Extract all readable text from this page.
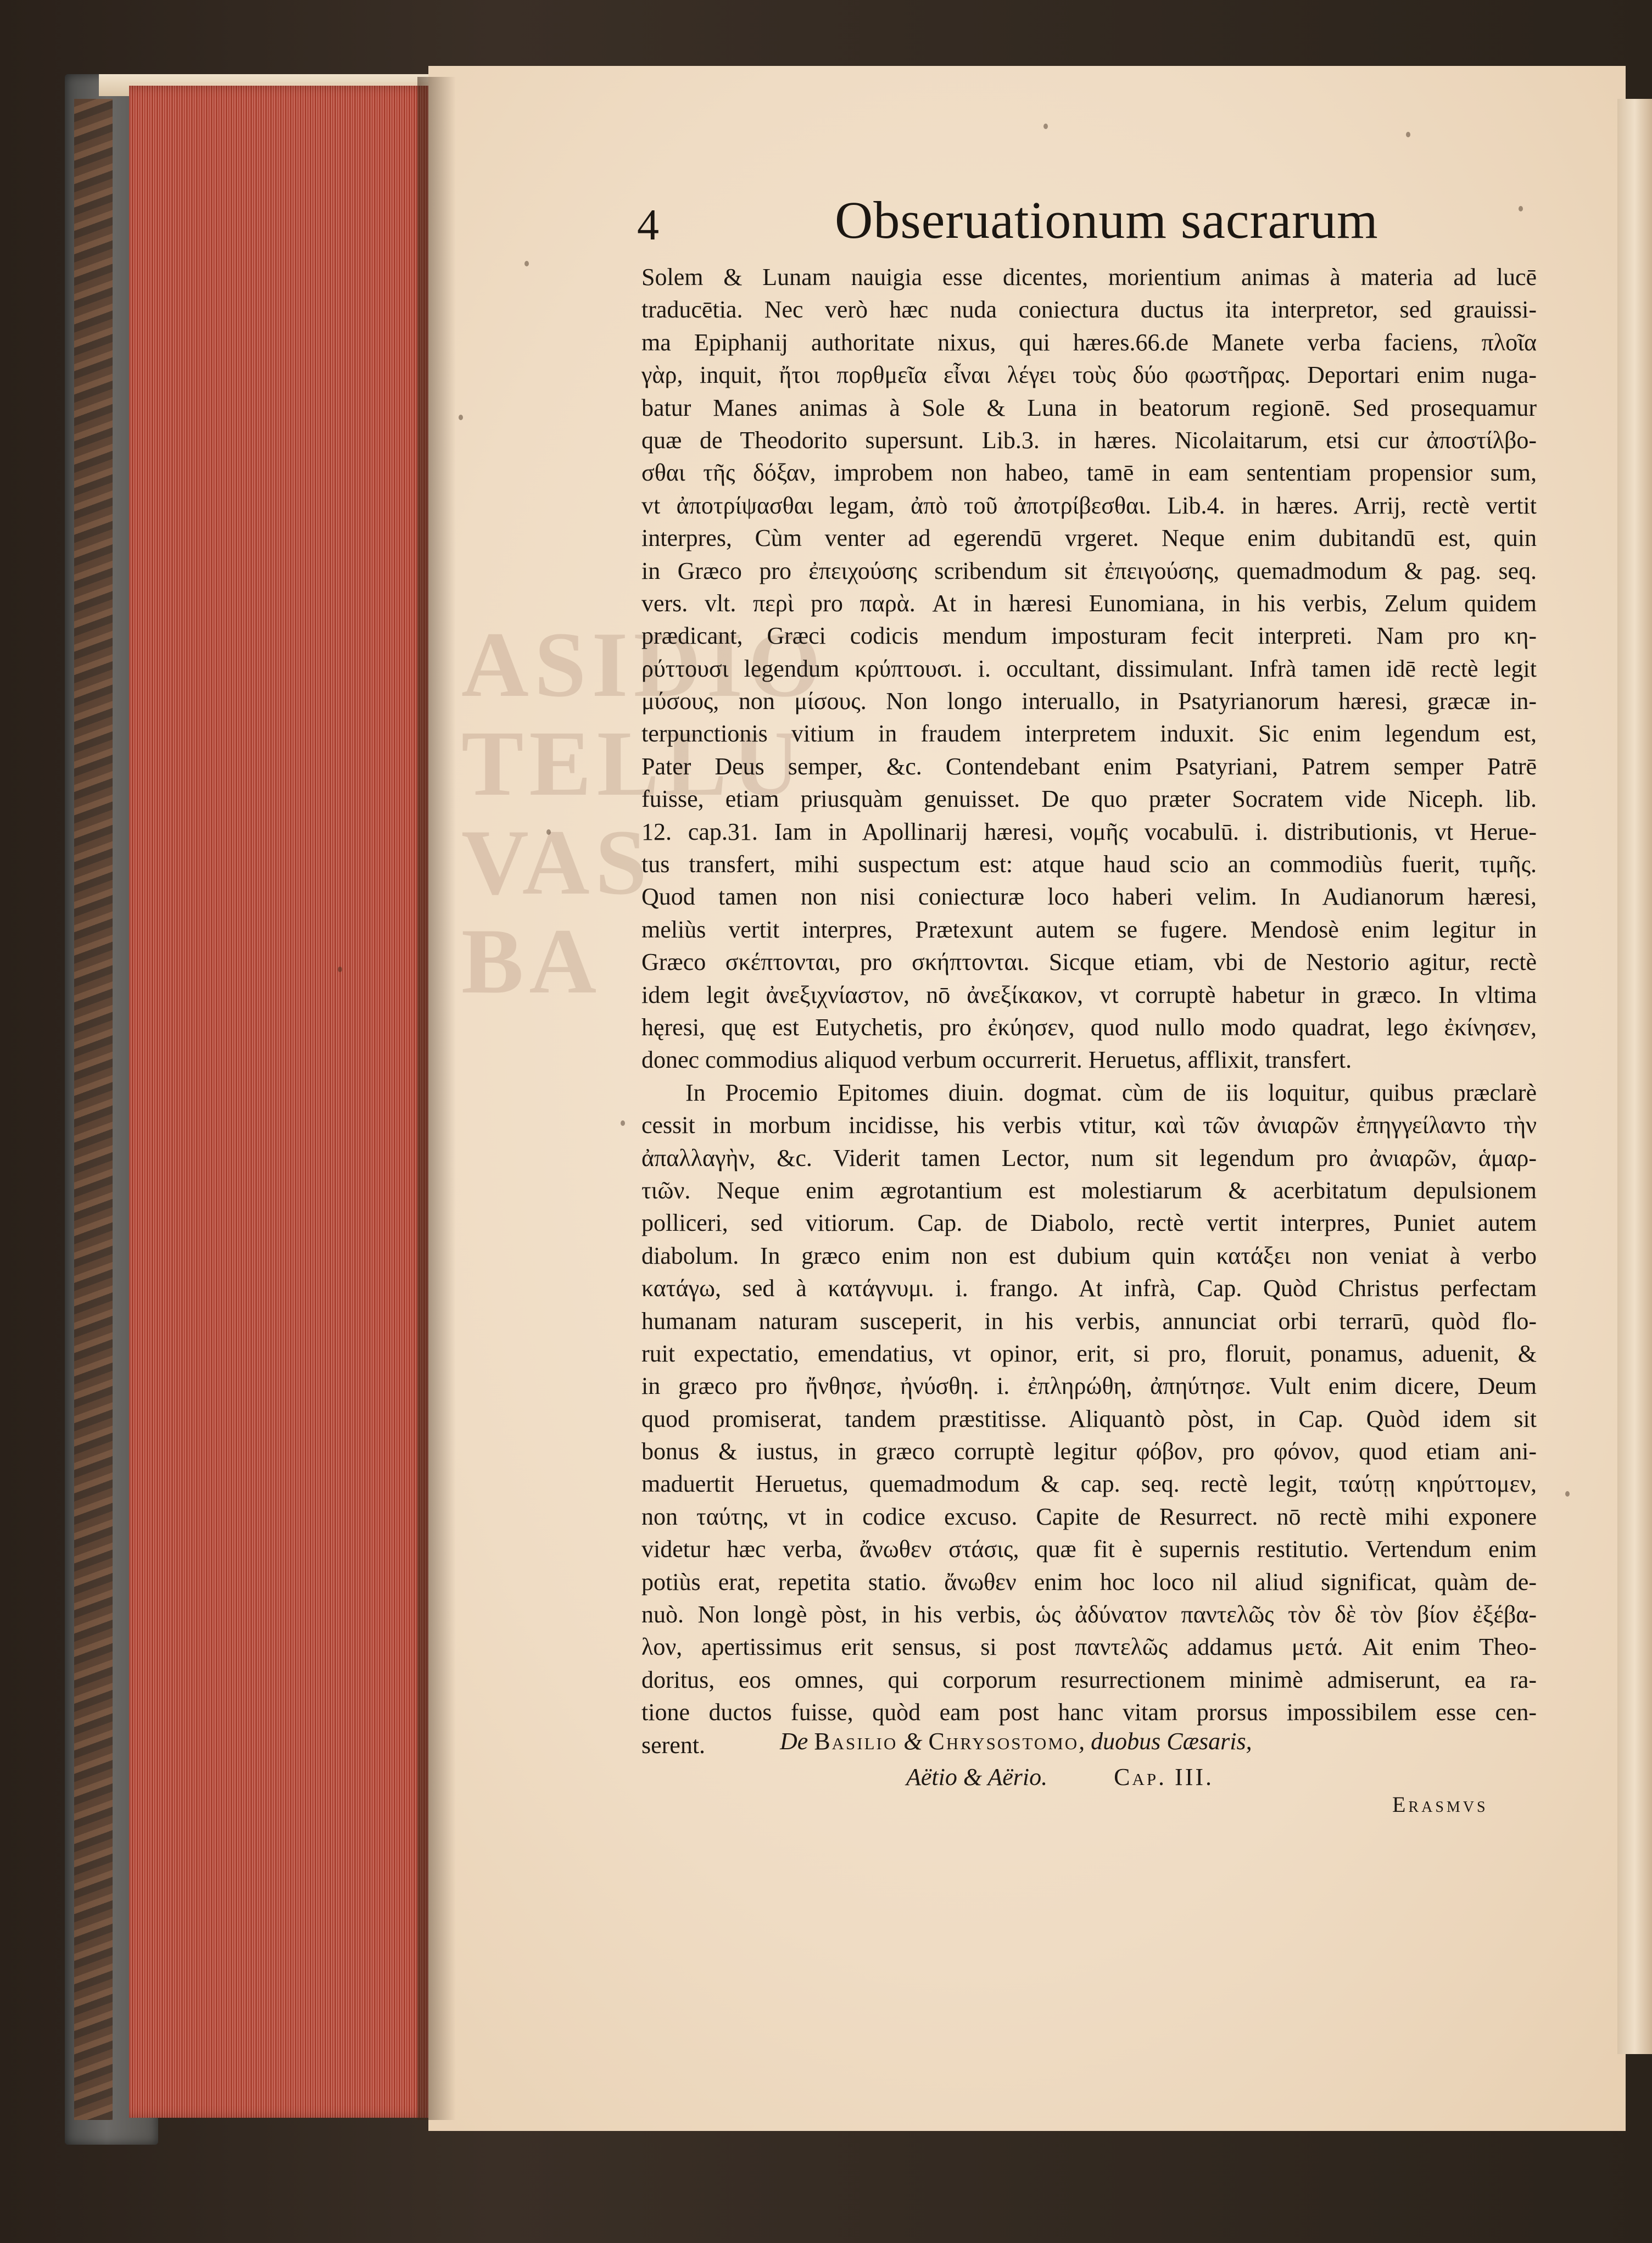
ASIDIO TELLU VAS BA
4	Obseruationum sacrarum
Solem & Lunam nauigia esse dicentes, morientium animas à materia ad lucē
traducētia. Nec verò hæc nuda coniectura ductus ita interpretor, sed grauissi-
ma Epiphanij authoritate nixus, qui hæres.66.de Manete verba faciens, πλοῖα
γὰρ, inquit, ἤτοι πορθμεῖα εἶναι λέγει τοὺς δύο φωστῆρας. Deportari enim nuga-
batur Manes animas à Sole & Luna in beatorum regionē. Sed prosequamur
quæ de Theodorito supersunt. Lib.3. in hæres. Nicolaitarum, etsi cur ἀποστίλβο-
σθαι τῆς δόξαν, improbem non habeo, tamē in eam sententiam propensior sum,
vt ἀποτρίψασθαι legam, ἀπὸ τοῦ ἀποτρίβεσθαι. Lib.4. in hæres. Arrij, rectè vertit
interpres, Cùm venter ad egerendū vrgeret. Neque enim dubitandū est, quin
in Græco pro ἐπειχούσης scribendum sit ἐπειγούσης, quemadmodum & pag. seq.
vers. vlt. περὶ pro παρὰ. At in hæresi Eunomiana, in his verbis, Zelum quidem
prædicant, Græci codicis mendum imposturam fecit interpreti. Nam pro κη-
ρύττουσι legendum κρύπτουσι. i. occultant, dissimulant. Infrà tamen idē rectè legit
μύσους, non μίσους. Non longo interuallo, in Psatyrianorum hæresi, græcæ in-
terpunctionis vitium in fraudem interpretem induxit. Sic enim legendum est,
Pater Deus semper, &c. Contendebant enim Psatyriani, Patrem semper Patrē
fuisse, etiam priusquàm genuisset. De quo præter Socratem vide Niceph. lib.
12. cap.31. Iam in Apollinarij hæresi, νομῆς vocabulū. i. distributionis, vt Herue-
tus transfert, mihi suspectum est: atque haud scio an commodiùs fuerit, τιμῆς.
Quod tamen non nisi coniecturæ loco haberi velim. In Audianorum hæresi,
meliùs vertit interpres, Prætexunt autem se fugere. Mendosè enim legitur in
Græco σκέπτονται, pro σκήπτονται. Sicque etiam, vbi de Nestorio agitur, rectè
idem legit ἀνεξιχνίαστον, nō ἀνεξίκακον, vt corruptè habetur in græco. In vltima
hęresi, quę est Eutychetis, pro ἐκύησεν, quod nullo modo quadrat, lego ἐκίνησεν,
donec commodius aliquod verbum occurrerit. Heruetus, afflixit, transfert.
In Procemio Epitomes diuin. dogmat. cùm de iis loquitur, quibus præclarè
cessit in morbum incidisse, his verbis vtitur, καὶ τῶν ἀνιαρῶν ἐπηγγείλαντο τὴν
ἀπαλλαγὴν, &c. Viderit tamen Lector, num sit legendum pro ἀνιαρῶν, ἁμαρ-
τιῶν. Neque enim ægrotantium est molestiarum & acerbitatum depulsionem
polliceri, sed vitiorum. Cap. de Diabolo, rectè vertit interpres, Puniet autem
diabolum. In græco enim non est dubium quin κατάξει non veniat à verbo
κατάγω, sed à κατάγνυμι. i. frango. At infrà, Cap. Quòd Christus perfectam
humanam naturam susceperit, in his verbis, annunciat orbi terrarū, quòd flo-
ruit expectatio, emendatius, vt opinor, erit, si pro, floruit, ponamus, aduenit, &
in græco pro ἤνθησε, ἠνύσθη. i. ἐπληρώθη, ἀπηύτησε. Vult enim dicere, Deum
quod promiserat, tandem præstitisse. Aliquantò pòst, in Cap. Quòd idem sit
bonus & iustus, in græco corruptè legitur φόβον, pro φόνον, quod etiam ani-
maduertit Heruetus, quemadmodum & cap. seq. rectè legit, ταύτῃ κηρύττομεν,
non ταύτης, vt in codice excuso. Capite de Resurrect. nō rectè mihi exponere
videtur hæc verba, ἄνωθεν στάσις, quæ fit è supernis restitutio. Vertendum enim
potiùs erat, repetita statio. ἄνωθεν enim hoc loco nil aliud significat, quàm de-
nuò. Non longè pòst, in his verbis, ὡς ἀδύνατον παντελῶς τὸν δὲ τὸν βίον ἐξέβα-
λον, apertissimus erit sensus, si post παντελῶς addamus μετά. Ait enim Theo-
doritus, eos omnes, qui corporum resurrectionem minimè admiserunt, ea ra-
tione ductos fuisse, quòd eam post hanc vitam prorsus impossibilem esse cen-
serent.	De Basilio & Chrysostomo, duobus Cæsaris,
Aëtio & Aërio.	Cap. III.
Erasmvs
